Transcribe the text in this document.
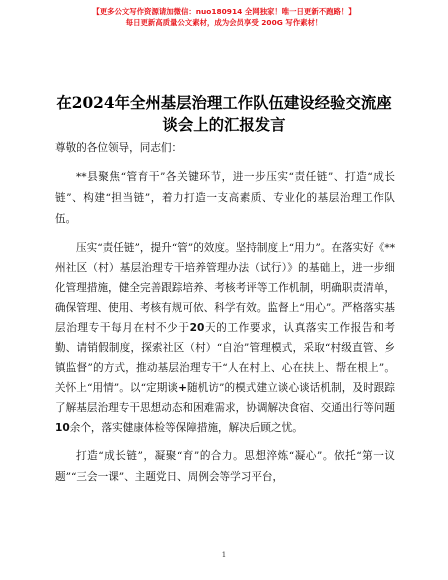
【更多公文写作资源请加微信：nuo180914 全网独家！唯一日更新不跑路！】
每日更新高质量公文素材，成为会员享受 200G 写作素材！
在2024年全州基层治理工作队伍建设经验交流座谈会上的汇报发言

尊敬的各位领导，同志们：

**县聚焦“管育干”各关键环节，进一步压实“责任链”、打造“成长链”、构建“担当链”，着力打造一支高素质、专业化的基层治理工作队伍。

压实“责任链”，提升“管”的效度。坚持制度上“用力”。在落实好《**州社区（村）基层治理专干培养管理办法（试行）》的基础上，进一步细化管理措施，健全完善跟踪培养、考核考评等工作机制，明确职责清单，确保管理、使用、考核有规可依、科学有效。监督上“用心”。严格落实基层治理专干每月在村不少于20天的工作要求，认真落实工作报告和考勤、请销假制度，探索社区（村）“自治”管理模式，采取“村级直管、乡镇监督”的方式，推动基层治理专干“人在村上、心在扶上、帮在根上”。关怀上“用情”。以“定期谈+随机访”的模式建立谈心谈话机制，及时跟踪了解基层治理专干思想动态和困难需求，协调解决食宿、交通出行等问题10余个，落实健康体检等保障措施，解决后顾之忧。

打造“成长链”，凝聚“育”的合力。思想淬炼“凝心”。依托“第一议题”“三会一课”、主题党日、周例会等学习平台，

1
